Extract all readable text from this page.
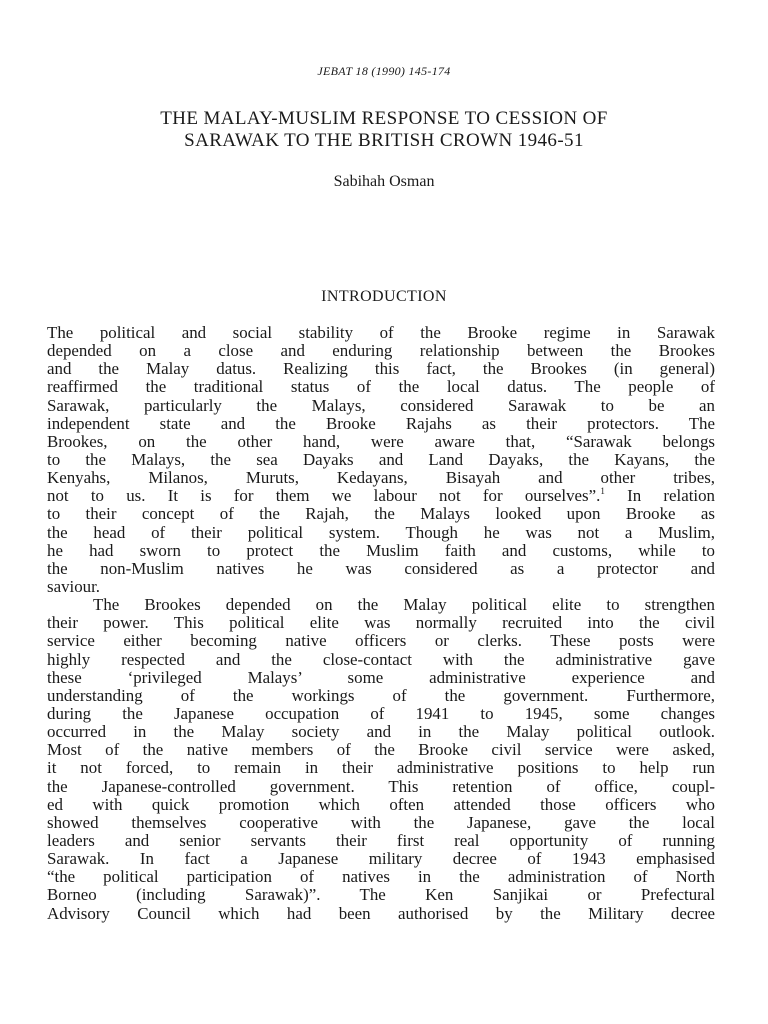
JEBAT 18 (1990) 145-174
THE MALAY-MUSLIM RESPONSE TO CESSION OF
SARAWAK TO THE BRITISH CROWN 1946-51
Sabihah Osman
INTRODUCTION
The political and social stability of the Brooke regime in Sarawak
depended on a close and enduring relationship between the Brookes
and the Malay datus. Realizing this fact, the Brookes (in general)
reaffirmed the traditional status of the local datus. The people of
Sarawak, particularly the Malays, considered Sarawak to be an
independent state and the Brooke Rajahs as their protectors. The
Brookes, on the other hand, were aware that, “Sarawak belongs
to the Malays, the sea Dayaks and Land Dayaks, the Kayans, the
Kenyahs, Milanos, Muruts, Kedayans, Bisayah and other tribes,
not to us. It is for them we labour not for ourselves”.$^1$ In relation
to their concept of the Rajah, the Malays looked upon Brooke as
the head of their political system. Though he was not a Muslim,
he had sworn to protect the Muslim faith and customs, while to
the non-Muslim natives he was considered as a protector and
saviour.
The Brookes depended on the Malay political elite to strengthen
their power. This political elite was normally recruited into the civil
service either becoming native officers or clerks. These posts were
highly respected and the close-contact with the administrative gave
these ‘privileged Malays’ some administrative experience and
understanding of the workings of the government. Furthermore,
during the Japanese occupation of 1941 to 1945, some changes
occurred in the Malay society and in the Malay political outlook.
Most of the native members of the Brooke civil service were asked,
it not forced, to remain in their administrative positions to help run
the Japanese-controlled government. This retention of office, coupl-
ed with quick promotion which often attended those officers who
showed themselves cooperative with the Japanese, gave the local
leaders and senior servants their first real opportunity of running
Sarawak. In fact a Japanese military decree of 1943 emphasised
“the political participation of natives in the administration of North
Borneo (including Sarawak)”. The Ken Sanjikai or Prefectural
Advisory Council which had been authorised by the Military decree
